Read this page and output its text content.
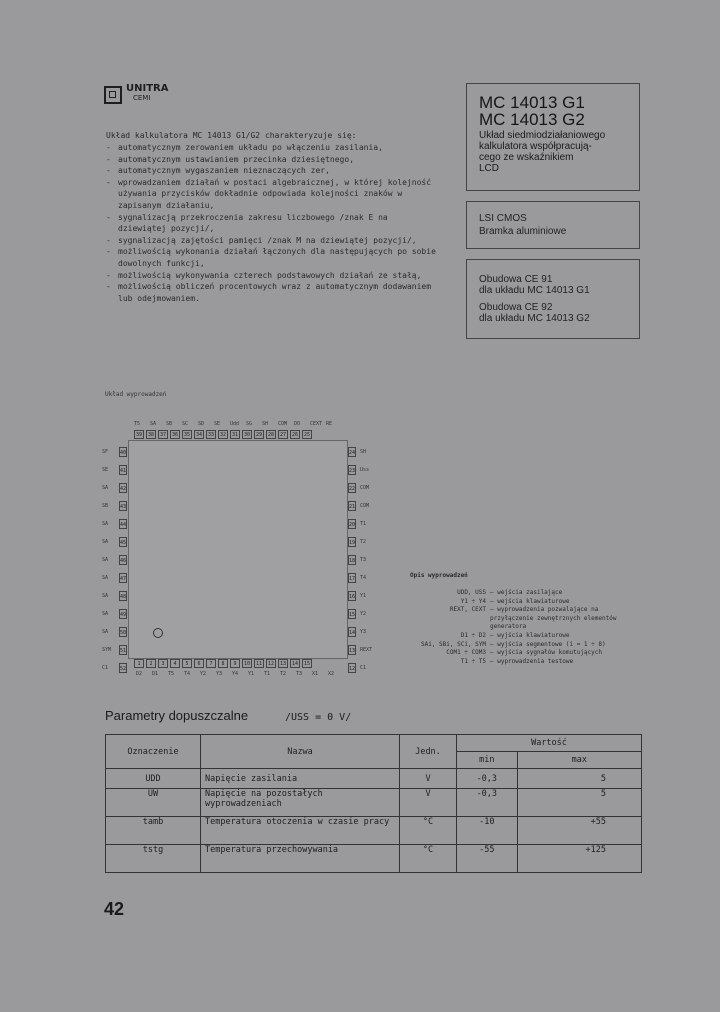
UNITRA
CEMI	MC 14013 G1
MC 14013 G2
Układ siedmiodziałaniowego
kalkulatora współpracują-
cego ze wskaźnikiem
LCD
LSI CMOS
Bramka aluminiowe
Obudowa CE 91
dla układu MC 14013 G1
Obudowa CE 92
dla układu MC 14013 G2
Układ kalkulatora MC 14013 G1/G2 charakteryzuje się:
- automatycznym zerowaniem układu po włączeniu zasilania,
- automatycznym ustawianiem przecinka dziesiętnego,
- automatycznym wygaszaniem nieznaczących zer,
- wprowadzaniem działań w postaci algebraicznej, w której kolejność używania przycisków dokładnie odpowiada kolejności znaków w zapisanym działaniu,
- sygnalizacją przekroczenia zakresu liczbowego /znak E na dziewiątej pozycji/,
- sygnalizacją zajętości pamięci /znak M na dziewiątej pozycji/,
- możliwością wykonania działań łączonych dla następujących po sobie dowolnych funkcji,
- możliwością wykonywania czterech podstawowych działań ze stałą,
- możliwością obliczeń procentowych wraz z automatycznym dodawaniem lub odejmowaniem.
Układ wyprowadzeń
39	38	37	36	35	34	33	32	31	30	29	28	27	26	25
T5 SA SB SC SD SE Udd SG SH COM DO CEXT RE
1	2	3	4	5	6	7	8	9	10	11	12	13	14	15
D2 D1 T5 T4 Y2 Y3 Y4 Y1 T1 T2 T3 X1 X2
40
41
42
43
44
45
46
47
48
49
50
51
52
SF
SE
SA
SB
SA
SA
SA
SA
SA
SA
SA
SYM
C1
24
23
22
21
20
19
18
17
16
15
14
13
12
SH
Uss
COM
COM
T1
T2
T3
T4
Y1
Y2
Y3
REXT
C1
Opis wyprowadzeń
UDD, USS – wejścia zasilające
Y1 ÷ Y4 – wejścia klawiaturowe
REXT, CEXT – wyprowadzenia pozwalające na przyłączenie zewnętrznych elementów generatora
D1 ÷ D2 – wyjścia klawiaturowe
SAi, SBi, SCi, SYM – wyjścia segmentowe (i = 1 ÷ 8)
COM1 ÷ COM3 – wyjścia sygnałów komutujących
T1 ÷ T5 – wyprowadzenia testowe
Parametry dopuszczalne	/USS = 0 V/
Oznaczenie	Nazwa	Jedn.	Wartość	
			min	max
UDD	Napięcie zasilania	V	-0,3	5
UW	Napięcie na pozostałych wyprowadzeniach	V	-0,3	5
tamb	Temperatura otoczenia w czasie pracy	°C	-10	+55
tstg	Temperatura przechowywania	°C	-55	+125
42
